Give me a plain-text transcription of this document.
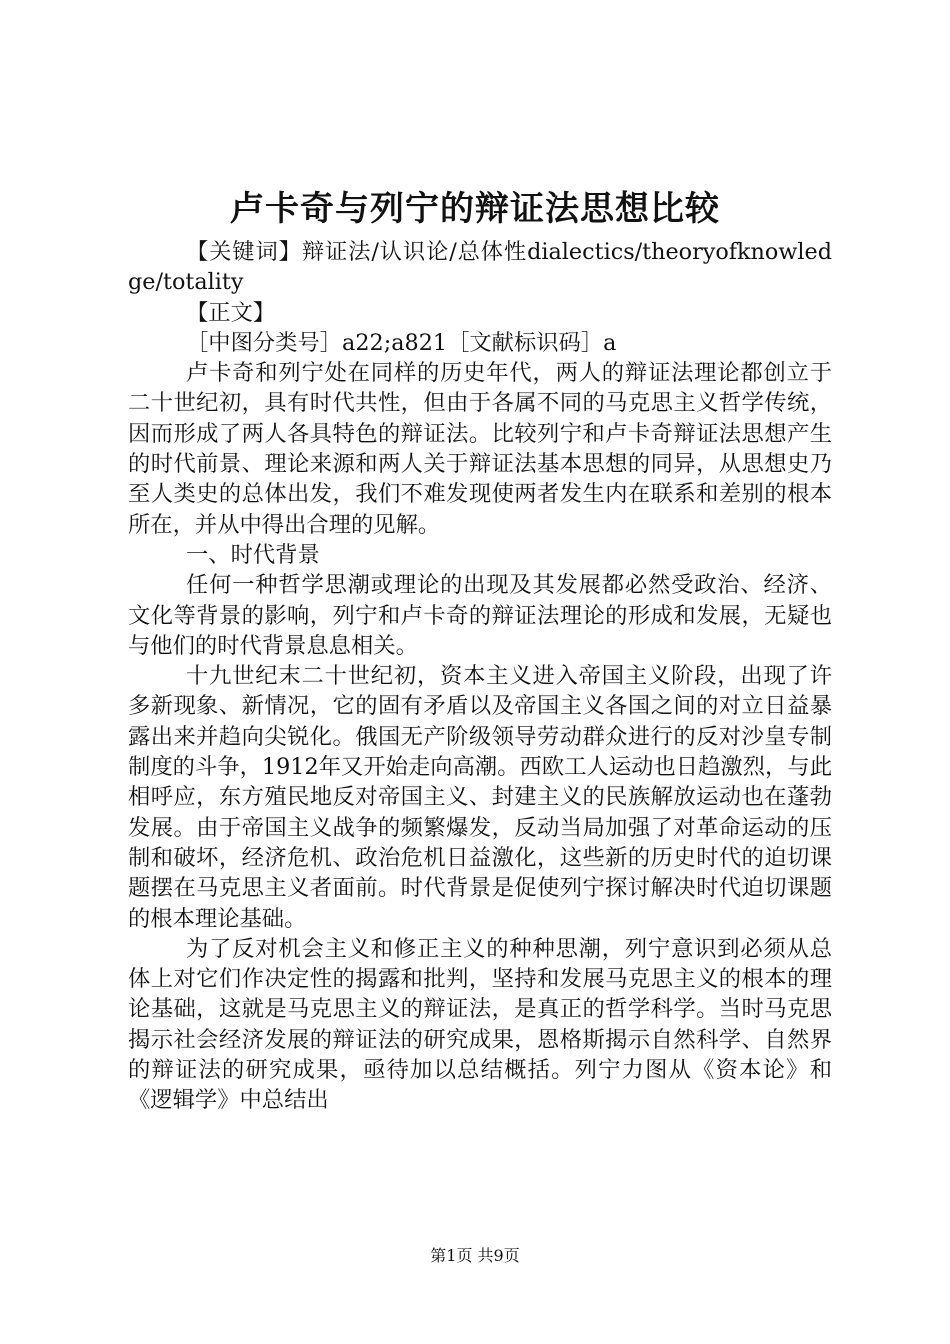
卢卡奇与列宁的辩证法思想比较

【关键词】辩证法/认识论/总体性dialectics/theoryofknowledge/totality

【正文】

［中图分类号］a22;a821［文献标识码］a

卢卡奇和列宁处在同样的历史年代，两人的辩证法理论都创立于二十世纪初，具有时代共性，但由于各属不同的马克思主义哲学传统，因而形成了两人各具特色的辩证法。比较列宁和卢卡奇辩证法思想产生的时代前景、理论来源和两人关于辩证法基本思想的同异，从思想史乃至人类史的总体出发，我们不难发现使两者发生内在联系和差别的根本所在，并从中得出合理的见解。

一、时代背景

任何一种哲学思潮或理论的出现及其发展都必然受政治、经济、文化等背景的影响，列宁和卢卡奇的辩证法理论的形成和发展，无疑也与他们的时代背景息息相关。

十九世纪末二十世纪初，资本主义进入帝国主义阶段，出现了许多新现象、新情况，它的固有矛盾以及帝国主义各国之间的对立日益暴露出来并趋向尖锐化。俄国无产阶级领导劳动群众进行的反对沙皇专制制度的斗争，1912年又开始走向高潮。西欧工人运动也日趋激烈，与此相呼应，东方殖民地反对帝国主义、封建主义的民族解放运动也在蓬勃发展。由于帝国主义战争的频繁爆发，反动当局加强了对革命运动的压制和破坏，经济危机、政治危机日益激化，这些新的历史时代的迫切课题摆在马克思主义者面前。时代背景是促使列宁探讨解决时代迫切课题的根本理论基础。

为了反对机会主义和修正主义的种种思潮，列宁意识到必须从总体上对它们作决定性的揭露和批判，坚持和发展马克思主义的根本的理论基础，这就是马克思主义的辩证法，是真正的哲学科学。当时马克思揭示社会经济发展的辩证法的研究成果，恩格斯揭示自然科学、自然界的辩证法的研究成果，亟待加以总结概括。列宁力图从《资本论》和《逻辑学》中总结出

第1页 共9页
